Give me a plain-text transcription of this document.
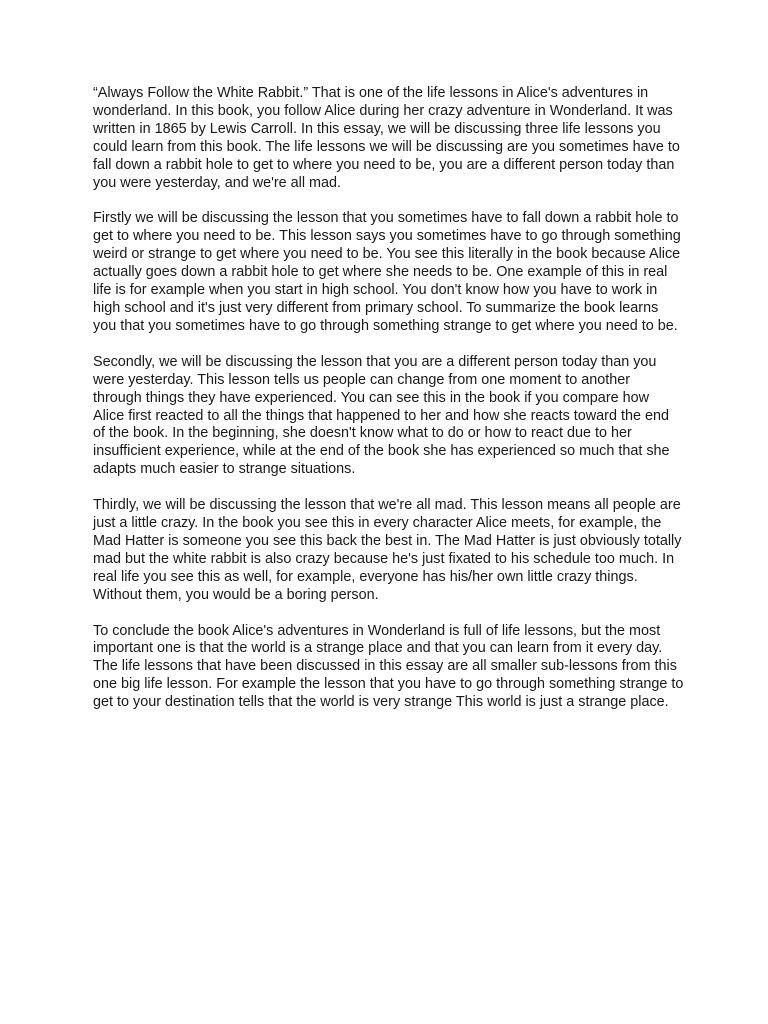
“Always Follow the White Rabbit.” That is one of the life lessons in Alice's adventures in
wonderland. In this book, you follow Alice during her crazy adventure in Wonderland. It was
written in 1865 by Lewis Carroll. In this essay, we will be discussing three life lessons you
could learn from this book. The life lessons we will be discussing are you sometimes have to
fall down a rabbit hole to get to where you need to be, you are a different person today than
you were yesterday, and we're all mad.

Firstly we will be discussing the lesson that you sometimes have to fall down a rabbit hole to
get to where you need to be. This lesson says you sometimes have to go through something
weird or strange to get where you need to be. You see this literally in the book because Alice
actually goes down a rabbit hole to get where she needs to be. One example of this in real
life is for example when you start in high school. You don't know how you have to work in
high school and it's just very different from primary school. To summarize the book learns
you that you sometimes have to go through something strange to get where you need to be.

Secondly, we will be discussing the lesson that you are a different person today than you
were yesterday. This lesson tells us people can change from one moment to another
through things they have experienced. You can see this in the book if you compare how
Alice first reacted to all the things that happened to her and how she reacts toward the end
of the book. In the beginning, she doesn't know what to do or how to react due to her
insufficient experience, while at the end of the book she has experienced so much that she
adapts much easier to strange situations.

Thirdly, we will be discussing the lesson that we're all mad. This lesson means all people are
just a little crazy. In the book you see this in every character Alice meets, for example, the
Mad Hatter is someone you see this back the best in. The Mad Hatter is just obviously totally
mad but the white rabbit is also crazy because he's just fixated to his schedule too much. In
real life you see this as well, for example, everyone has his/her own little crazy things.
Without them, you would be a boring person.

To conclude the book Alice's adventures in Wonderland is full of life lessons, but the most
important one is that the world is a strange place and that you can learn from it every day.
The life lessons that have been discussed in this essay are all smaller sub-lessons from this
one big life lesson. For example the lesson that you have to go through something strange to
get to your destination tells that the world is very strange This world is just a strange place.
